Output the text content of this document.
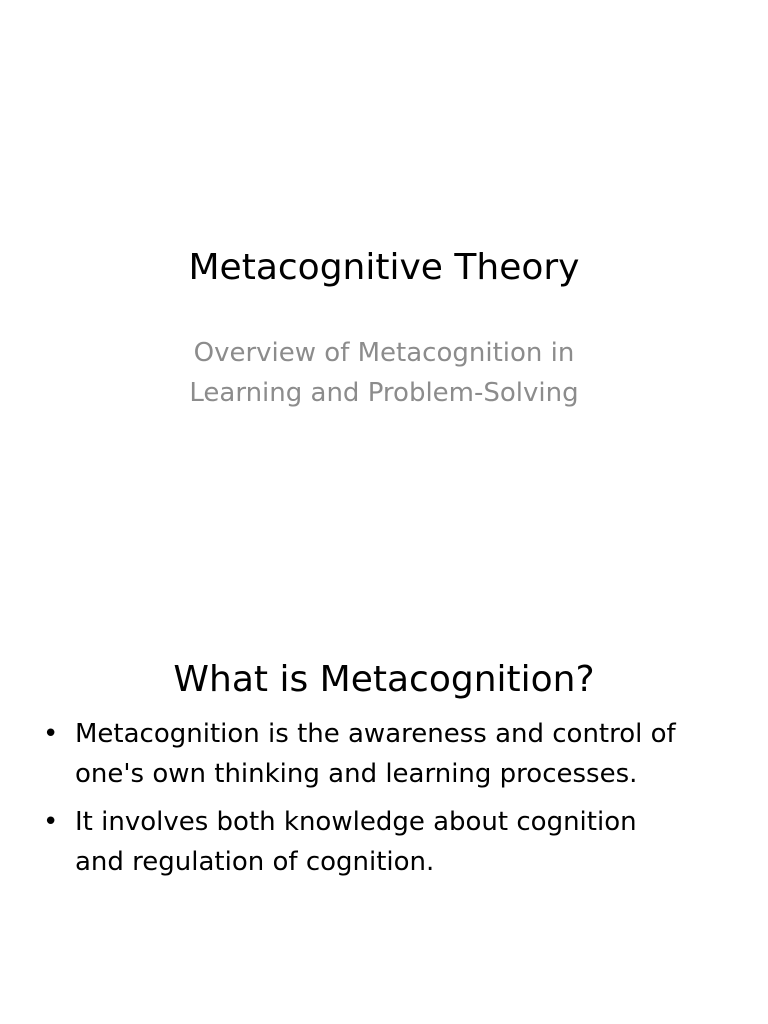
Metacognitive Theory
Overview of Metacognition in
Learning and Problem-Solving
What is Metacognition?
• Metacognition is the awareness and control of
one's own thinking and learning processes.
• It involves both knowledge about cognition
and regulation of cognition.
